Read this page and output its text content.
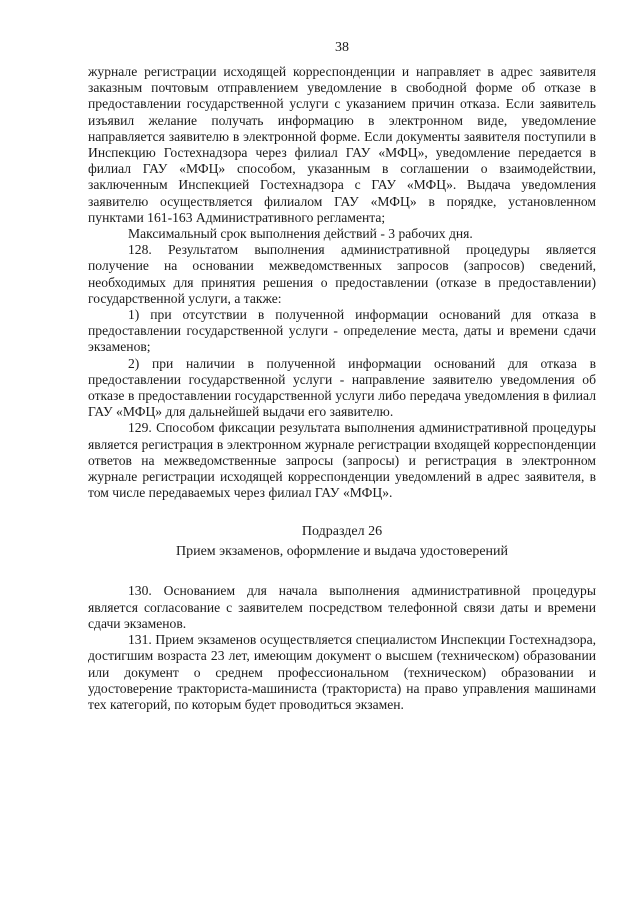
38

журнале регистрации исходящей корреспонденции и направляет в адрес заявителя заказным почтовым отправлением уведомление в свободной форме об отказе в предоставлении государственной услуги с указанием причин отказа. Если заявитель изъявил желание получать информацию в электронном виде, уведомление направляется заявителю в электронной форме. Если документы заявителя поступили в Инспекцию Гостехнадзора через филиал ГАУ «МФЦ», уведомление передается в филиал ГАУ «МФЦ» способом, указанным в соглашении о взаимодействии, заключенным Инспекцией Гостехнадзора с ГАУ «МФЦ». Выдача уведомления заявителю осуществляется филиалом ГАУ «МФЦ» в порядке, установленном пунктами 161-163 Административного регламента;

Максимальный срок выполнения действий - 3 рабочих дня.

128. Результатом выполнения административной процедуры является получение на основании межведомственных запросов (запросов) сведений, необходимых для принятия решения о предоставлении (отказе в предоставлении) государственной услуги, а также:

1) при отсутствии в полученной информации оснований для отказа в предоставлении государственной услуги - определение места, даты и времени сдачи экзаменов;

2) при наличии в полученной информации оснований для отказа в предоставлении государственной услуги - направление заявителю уведомления об отказе в предоставлении государственной услуги либо передача уведомления в филиал ГАУ «МФЦ» для дальнейшей выдачи его заявителю.

129. Способом фиксации результата выполнения административной процедуры является регистрация в электронном журнале регистрации входящей корреспонденции ответов на межведомственные запросы (запросы) и регистрация в электронном журнале регистрации исходящей корреспонденции уведомлений в адрес заявителя, в том числе передаваемых через филиал ГАУ «МФЦ».

Подраздел 26
Прием экзаменов, оформление и выдача удостоверений

130. Основанием для начала выполнения административной процедуры является согласование с заявителем посредством телефонной связи даты и времени сдачи экзаменов.

131. Прием экзаменов осуществляется специалистом Инспекции Гостехнадзора, достигшим возраста 23 лет, имеющим документ о высшем (техническом) образовании или документ о среднем профессиональном (техническом) образовании и удостоверение тракториста-машиниста (тракториста) на право управления машинами тех категорий, по которым будет проводиться экзамен.
